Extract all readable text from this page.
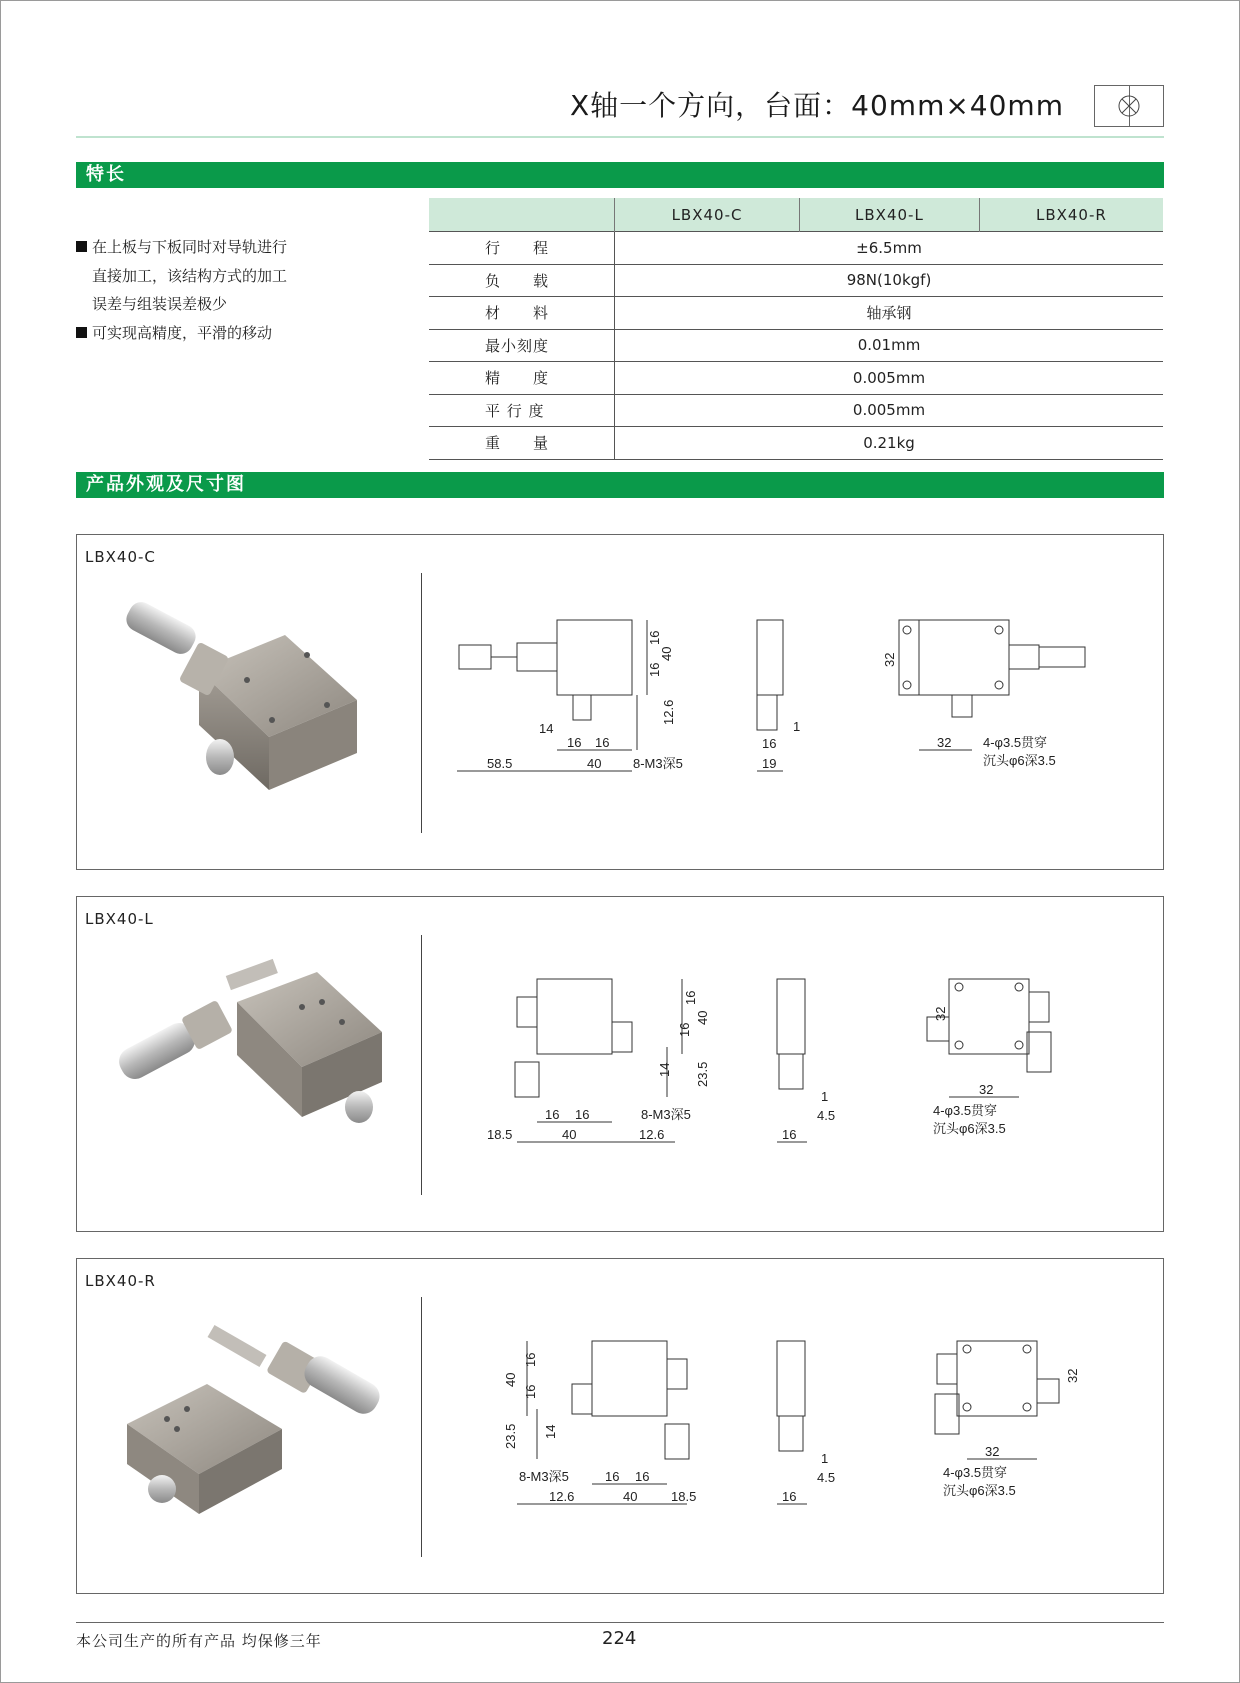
X轴一个方向，台面：40mm×40mm
特长
在上板与下板同时对导轨进行
直接加工，该结构方式的加工
误差与组装误差极少
可实现高精度，平滑的移动
	LBX40-C	LBX40-L	LBX40-R
行　　程	±6.5mm		
负　　载	98N(10kgf)		
材　　料	轴承钢		
最小刻度	0.01mm		
精　　度	0.005mm		
平 行 度	0.005mm		
重　　量	0.21kg		
产品外观及尺寸图
LBX40-C
16
16
40
14
12.6
16 16
58.5	40 8-M3深5
1
16
19
32
32 4-φ3.5贯穿
沉头φ6深3.5
LBX40-L
16
40
16
14 23.5
16 16	8-M3深5
18.5	40	12.6
1
4.5
16
32
32
4-φ3.5贯穿
沉头φ6深3.5
LBX40-R
40
16
16
14
23.5
8-M3深5	16 16
12.6	40	18.5
1
4.5
16
32
32
4-φ3.5贯穿
沉头φ6深3.5
本公司生产的所有产品 均保修三年	224
